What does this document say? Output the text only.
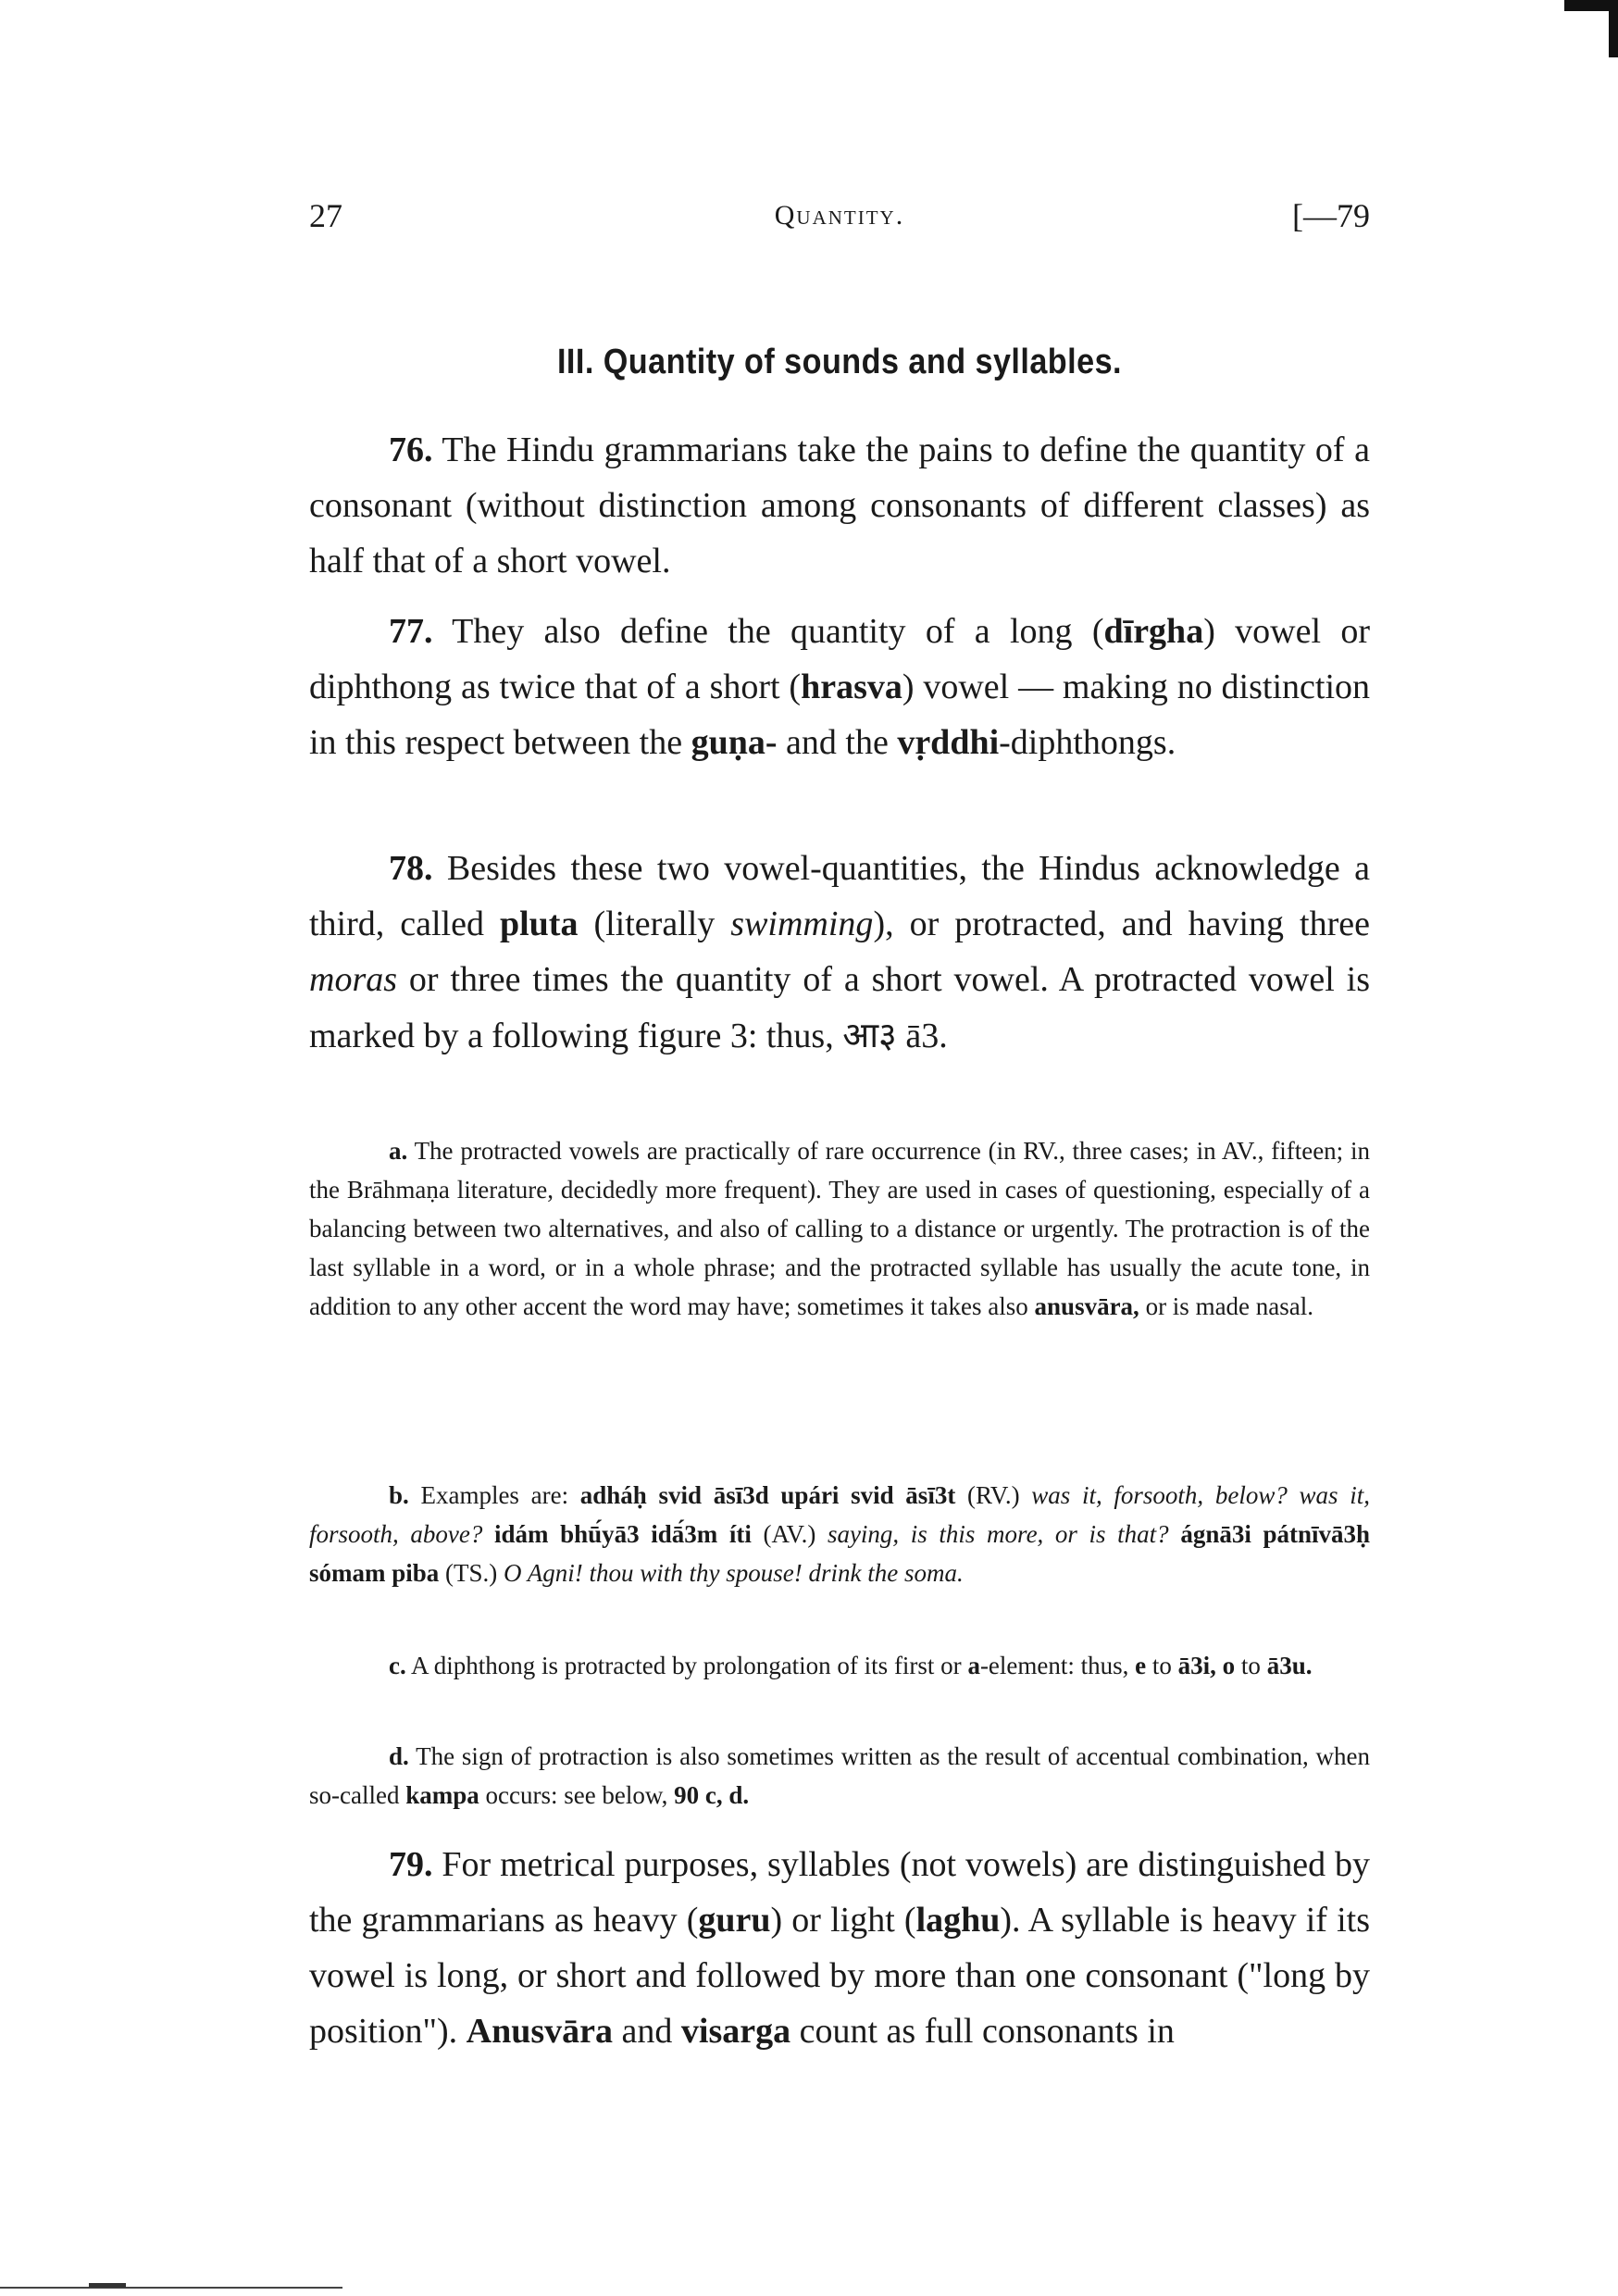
27	Quantity.	[—79
III. Quantity of sounds and syllables.

76. The Hindu grammarians take the pains to define the quantity of a consonant (without distinction among consonants of different classes) as half that of a short vowel.

77. They also define the quantity of a long (dīrgha) vowel or diphthong as twice that of a short (hrasva) vowel — making no distinction in this respect between the guṇa- and the vṛddhi-diphthongs.

78. Besides these two vowel-quantities, the Hindus acknowledge a third, called pluta (literally swimming), or protracted, and having three moras or three times the quantity of a short vowel. A protracted vowel is marked by a following figure 3: thus, आ३ ā3.

a. The protracted vowels are practically of rare occurrence (in RV., three cases; in AV., fifteen; in the Brāhmaṇa literature, decidedly more frequent). They are used in cases of questioning, especially of a balancing between two alternatives, and also of calling to a distance or urgently. The protraction is of the last syllable in a word, or in a whole phrase; and the protracted syllable has usually the acute tone, in addition to any other accent the word may have; sometimes it takes also anusvāra, or is made nasal.

b. Examples are: adháḥ svid āsī3d upári svid āsī3t (RV.) was it, forsooth, below? was it, forsooth, above? idám bhū́yā3 idā́3m íti (AV.) saying, is this more, or is that? ágnā3i pátnīvā3ḥ sómam piba (TS.) O Agni! thou with thy spouse! drink the soma.

c. A diphthong is protracted by prolongation of its first or a-element: thus, e to ā3i, o to ā3u.

d. The sign of protraction is also sometimes written as the result of accentual combination, when so-called kampa occurs: see below, 90 c, d.

79. For metrical purposes, syllables (not vowels) are distinguished by the grammarians as heavy (guru) or light (laghu). A syllable is heavy if its vowel is long, or short and followed by more than one consonant ("long by position"). Anusvāra and visarga count as full consonants in
